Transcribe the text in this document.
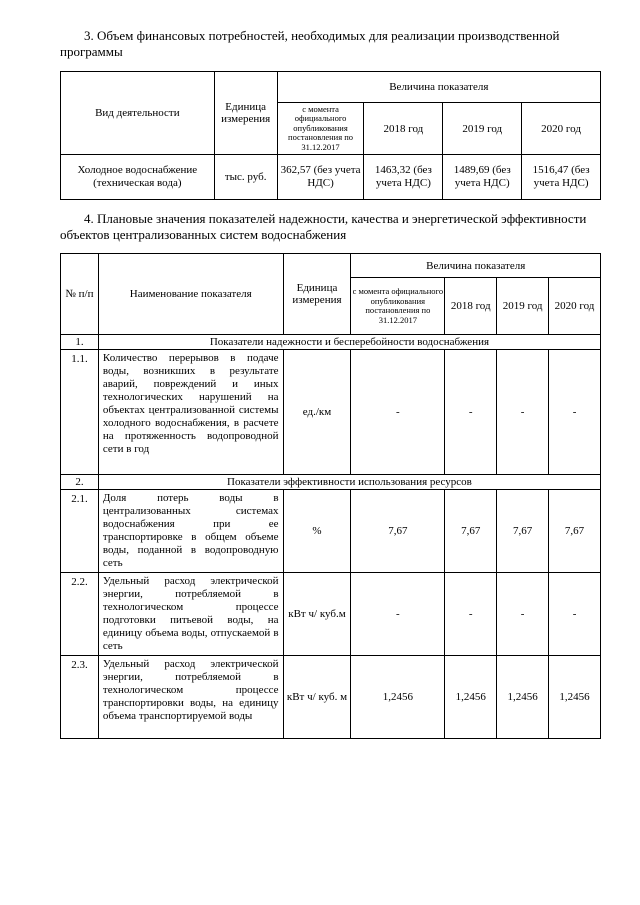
3. Объем финансовых потребностей, необходимых для реализации производственной программы
Вид деятельности	Единица измерения	Величина показателя			
		с момента официального опубликования постановления по 31.12.2017	2018 год	2019 год	2020 год
Холодное водоснабжение (техническая вода)	тыс. руб.	362,57 (без учета НДС)	1463,32 (без учета НДС)	1489,69 (без учета НДС)	1516,47 (без учета НДС)
4. Плановые значения показателей надежности, качества и энергетической эффективности объектов централизованных систем водоснабжения
№ п/п	Наименование показателя	Единица измерения	Величина показателя			
			с момента официального опубликования постановления по 31.12.2017	2018 год	2019 год	2020 год
1.	Показатели надежности и бесперебойности водоснабжения					
1.1.	Количество перерывов в подаче воды, возникших в результате аварий, повреждений и иных технологических нарушений на объектах централизованной системы холодного водоснабжения, в расчете на протяженность водопроводной сети в год	ед./км	-	-	-	-
2.	Показатели эффективности использования ресурсов					
2.1.	Доля потерь воды в централизованных системах водоснабжения при ее транспортировке в общем объеме воды, поданной в водопроводную сеть	%	7,67	7,67	7,67	7,67
2.2.	Удельный расход электрической энергии, потребляемой в технологическом процессе подготовки питьевой воды, на единицу объема воды, отпускаемой в сеть	кВт ч/ куб.м	-	-	-	-
2.3.	Удельный расход электрической энергии, потребляемой в технологическом процессе транспортировки воды, на единицу объема транспортируемой воды	кВт ч/ куб. м	1,2456	1,2456	1,2456	1,2456
